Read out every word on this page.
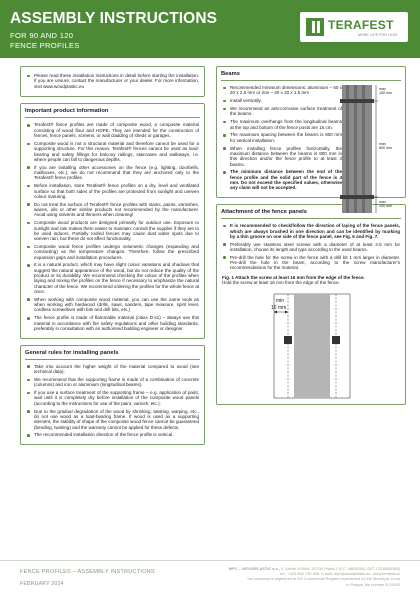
ASSEMBLY INSTRUCTIONS
FOR 90 AND 120
FENCE PROFILES
TERAFEST
MORE LIFE FOR LESS
Please read these installation instructions in detail before starting the installation. If you are unsure, contact the manufacturer or your dealer. For more information, visit www.woodplastic.eu
Important product information
Terafest® fence profiles are made of composite wood, a composite material consisting of wood flour and HDPE. They are intended for the construction of fences, fence panels, screens, or wall cladding of sheds or garages.
Composite wood is not a structural material and therefore cannot be used for a supporting structure. For this reason, Terafest® fences cannot be used as load-bearing and safety fillings for balcony railings, staircases and walkways, i.e. where people can fall to dangerous depths.
If you are installing other accessories on the fence (e.g. lighting, doorbells, mailboxes, etc.), we do not recommend that they are anchored only to the Terafest® fence profiles.
Before installation, store Terafest® fence profiles on a dry, level and ventilated surface so that both sides of the profiles are protected from sunlight and uneven colour maturing.
Do not treat the surface of Terafest® fence profiles with stains, paints, varnishes, waxes, oils or other similar products not recommended by the manufacturer. Avoid using solvents and thinners when cleaning!
Composite wood products are designed primarily for outdoor use. Exposure to sunlight and rain makes them easier to maintain; consult the supplier if they are to be used indoors. Partially roofed fences may cause dust water spots due to uneven rain, but these do not affect functionality.
Composite wood fence profiles undergo volumetric changes (expanding and contracting) as the temperature changes. Therefore, follow the prescribed expansion gaps and installation procedures.
It is a natural product, which may have slight colour variations and shadows that suggest the natural appearance of the wood, but do not reduce the quality of the product or its durability. We recommend checking the colour of the profiles when laying and mixing the profiles on the fence if necessary to emphasize the natural character of the fence. We recommend ordering the profiles for the whole fence at once.
When working with composite wood material, you can use the same tools as when working with hardwood (drills, saws, sanders, tape measure, spirit level, cordless screwdriver with bits and drill bits, etc.)
The fence profile is made of flammable material (class D-s1) – always use this material in accordance with fire safety regulations and other building standards, preferably in consultation with an authorised building engineer or designer.
General rules for installing panels
Take into account the higher weight of the material compared to wood (see technical data).
We recommend that the supporting frame is made of a combination of concrete (columns) and iron or aluminium (longitudinal beams).
If you use a surface treatment of the supporting frame – e.g. application of paint, wait until it is completely dry before installation of the composite wood panels (according to the instructions for use of the paint, varnish, etc.).
Due to the gradual degradation of the wood by shrinking, twisting, warping, etc., do not use wood as a load-bearing frame. If wood is used as a supporting element, the stability of shape of the composite wood fence cannot be guaranteed (bending, twisting) and the warranty cannot be applied for these defects.
The recommended installation direction of the fence profile is vertical.
Beams
Recommended minimum dimensions: aluminium – 60 x 20 x 2.5 mm or iron – 40 x 20 x 1.5 mm
Install vertically.
We recommend an anti-corrosive surface treatment of the beams.
The maximum overhangs from the longitudinal beams at the top and bottom of the fence posts are 15 cm.
The maximum spacing between the beams is 800 mm for vertical installation.
When installing fence profiles horizontally, the maximum distance between the beams is 800 mm in this direction and/or the fence profile to at least 3 beams.
The minimum distance between the end of the fence profile and the solid part of the fence is 4 mm. Do not exceed the specified values, otherwise any claim will not be accepted.
max 150 mm
max 800 mm
max 150 mm
Attachment of the fence panels
It is recommended to check/follow the direction of laying of the fence panels, which are always brushed in one direction and can be identified by marking by a thin groove on one side of the fence panel, see Fig. 6 and Fig. 7.
Preferably use stainless steel screws with a diameter of at least 3.5 mm for installation, choose its length and type according to the used beams.
Pre-drill the hole for the screw in the fence with a drill bit 1 mm larger in diameter. Pre-drill the hole in the beam, according to the screw manufacturer's recommendations for the material.
Fig. 1 Attach the screw at least 16 mm from the edge of the fence.
Hold the screw at least 16 mm from the edge of the fence.
min
16 mm
FENCE PROFILES – ASSEMBLY INSTRUCTIONS
FEBRUARY 2024
WPC – WOODPLASTIC a.s., V Celnici 1034/6, 110 00 Praha 1 (CC: 08830354, DIČ: CZ08830354)
tel.: +420 800 730 308, e-mail: wpc@woodplastic.eu, www.terafest.cz
the company is registered in the Commercial Register maintained by the Municipal Court
in Prague, file number B 25190
